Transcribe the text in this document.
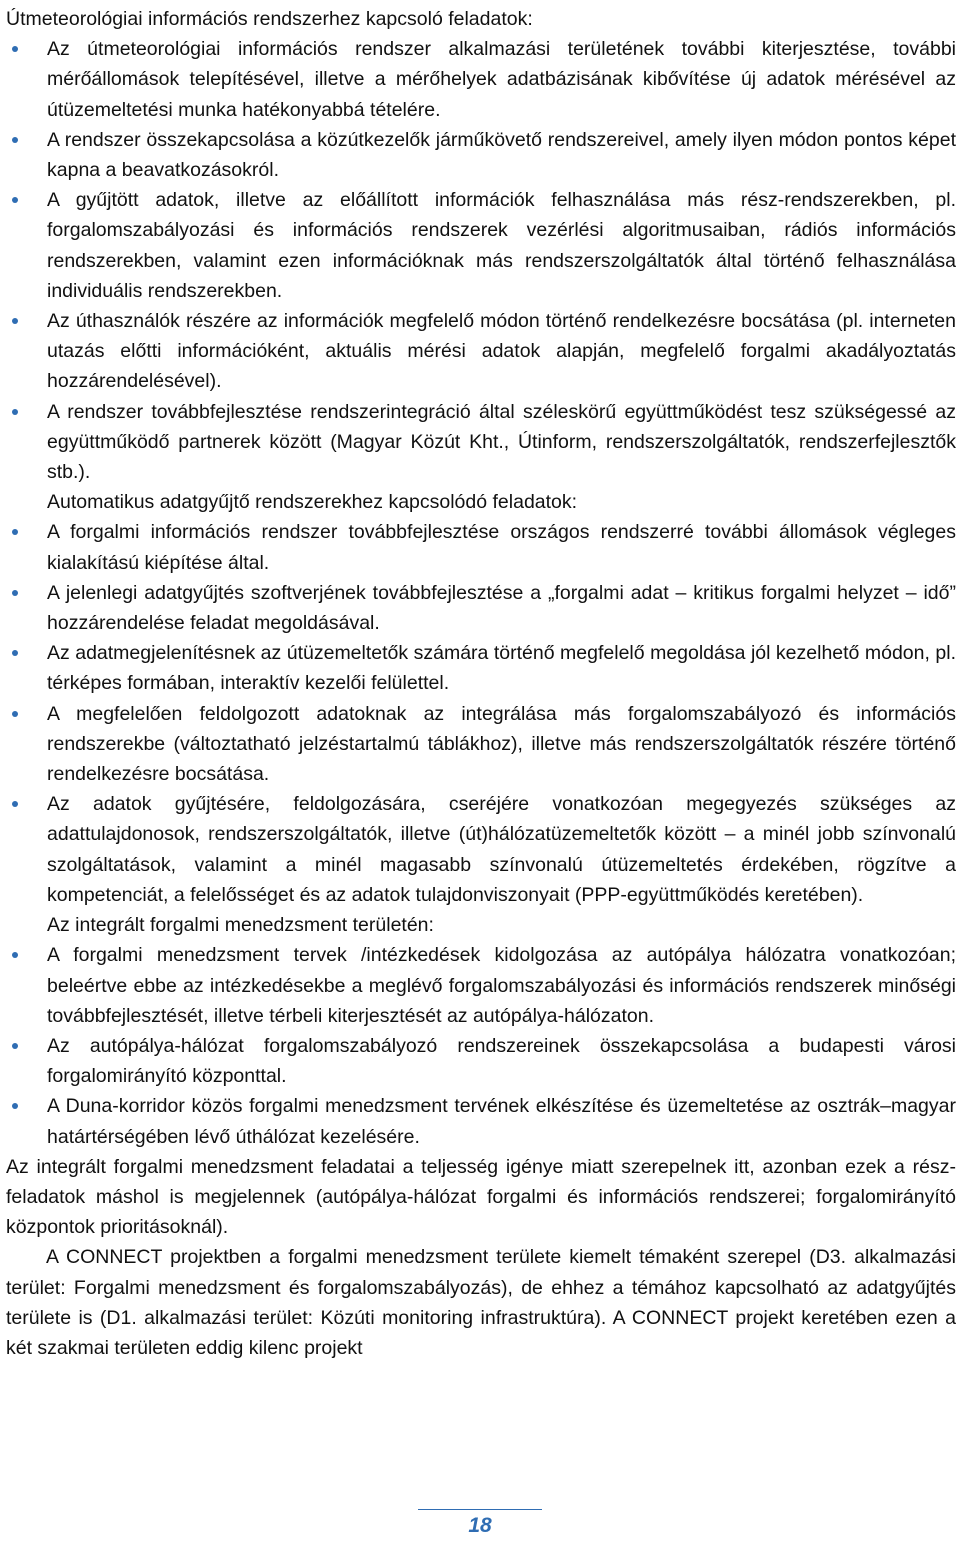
Útmeteorológiai információs rendszerhez kapcsoló feladatok:

Az útmeteorológiai információs rendszer alkalmazási területének további kiterjesztése, további mérőállomások telepítésével, illetve a mérőhelyek adatbázisának kibővítése új adatok mérésével az útüzemeltetési munka hatékonyabbá tételére.
A rendszer összekapcsolása a közútkezelők járműkövető rendszereivel, amely ilyen módon pontos képet kapna a beavatkozásokról.
A gyűjtött adatok, illetve az előállított információk felhasználása más rész-rendszerekben, pl. forgalomszabályozási és információs rendszerek vezérlési algoritmusaiban, rádiós információs rendszerekben, valamint ezen információknak más rendszerszolgáltatók által történő felhasználása individuális rendszerekben.
Az úthasználók részére az információk megfelelő módon történő rendelkezésre bocsátása (pl. interneten utazás előtti információként, aktuális mérési adatok alapján, megfelelő forgalmi akadályoztatás hozzárendelésével).
A rendszer továbbfejlesztése rendszerintegráció által széleskörű együttműködést tesz szükségessé az együttműködő partnerek között (Magyar Közút Kht., Útinform, rendszerszolgáltatók, rendszerfejlesztők stb.).

Automatikus adatgyűjtő rendszerekhez kapcsolódó feladatok:

A forgalmi információs rendszer továbbfejlesztése országos rendszerré további állomások végleges kialakítású kiépítése által.
A jelenlegi adatgyűjtés szoftverjének továbbfejlesztése a „forgalmi adat – kritikus forgalmi helyzet – idő” hozzárendelése feladat megoldásával.
Az adatmegjelenítésnek az útüzemeltetők számára történő megfelelő megoldása jól kezelhető módon, pl. térképes formában, interaktív kezelői felülettel.
A megfelelően feldolgozott adatoknak az integrálása más forgalomszabályozó és információs rendszerekbe (változtatható jelzéstartalmú táblákhoz), illetve más rendszerszolgáltatók részére történő rendelkezésre bocsátása.
Az adatok gyűjtésére, feldolgozására, cseréjére vonatkozóan megegyezés szükséges az adattulajdonosok, rendszerszolgáltatók, illetve (út)hálózatüzemeltetők között – a minél jobb színvonalú szolgáltatások, valamint a minél magasabb színvonalú útüzemeltetés érdekében, rögzítve a kompetenciát, a felelősséget és az adatok tulajdonviszonyait (PPP-együttműködés keretében).

Az integrált forgalmi menedzsment területén:

A forgalmi menedzsment tervek /intézkedések kidolgozása az autópálya hálózatra vonatkozóan; beleértve ebbe az intézkedésekbe a meglévő forgalomszabályozási és információs rendszerek minőségi továbbfejlesztését, illetve térbeli kiterjesztését az autópálya-hálózaton.
Az autópálya-hálózat forgalomszabályozó rendszereinek összekapcsolása a budapesti városi forgalomirányító központtal.
A Duna-korridor közös forgalmi menedzsment tervének elkészítése és üzemeltetése az osztrák–magyar határtérségében lévő úthálózat kezelésére.

Az integrált forgalmi menedzsment feladatai a teljesség igénye miatt szerepelnek itt, azonban ezek a rész-feladatok máshol is megjelennek (autópálya-hálózat forgalmi és információs rendszerei; forgalomirányító központok prioritásoknál).

A CONNECT projektben a forgalmi menedzsment területe kiemelt témaként szerepel (D3. alkalmazási terület: Forgalmi menedzsment és forgalomszabályozás), de ehhez a témához kapcsolható az adatgyűjtés területe is (D1. alkalmazási terület: Közúti monitoring infrastruktúra). A CONNECT projekt keretében ezen a két szakmai területen eddig kilenc projekt

18
